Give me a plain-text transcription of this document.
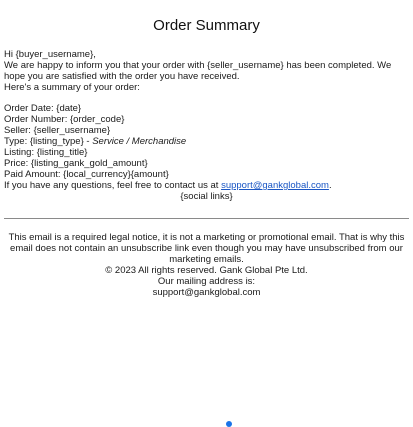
Order Summary

Hi {buyer_username},

We are happy to inform you that your order with {seller_username} has been completed. We hope you are satisfied with the order you have received.

Here's a summary of your order:

Order Date: {date}
Order Number: {order_code}
Seller: {seller_username}
Type: {listing_type} - Service / Merchandise
Listing: {listing_title}
Price: {listing_gank_gold_amount}
Paid Amount: {local_currency}{amount}

If you have any questions, feel free to contact us at support@gankglobal.com.

{social links}

This email is a required legal notice, it is not a marketing or promotional email. That is why this email does not contain an unsubscribe link even though you may have unsubscribed from our marketing emails.

© 2023 All rights reserved. Gank Global Pte Ltd.

Our mailing address is:

support@gankglobal.com
